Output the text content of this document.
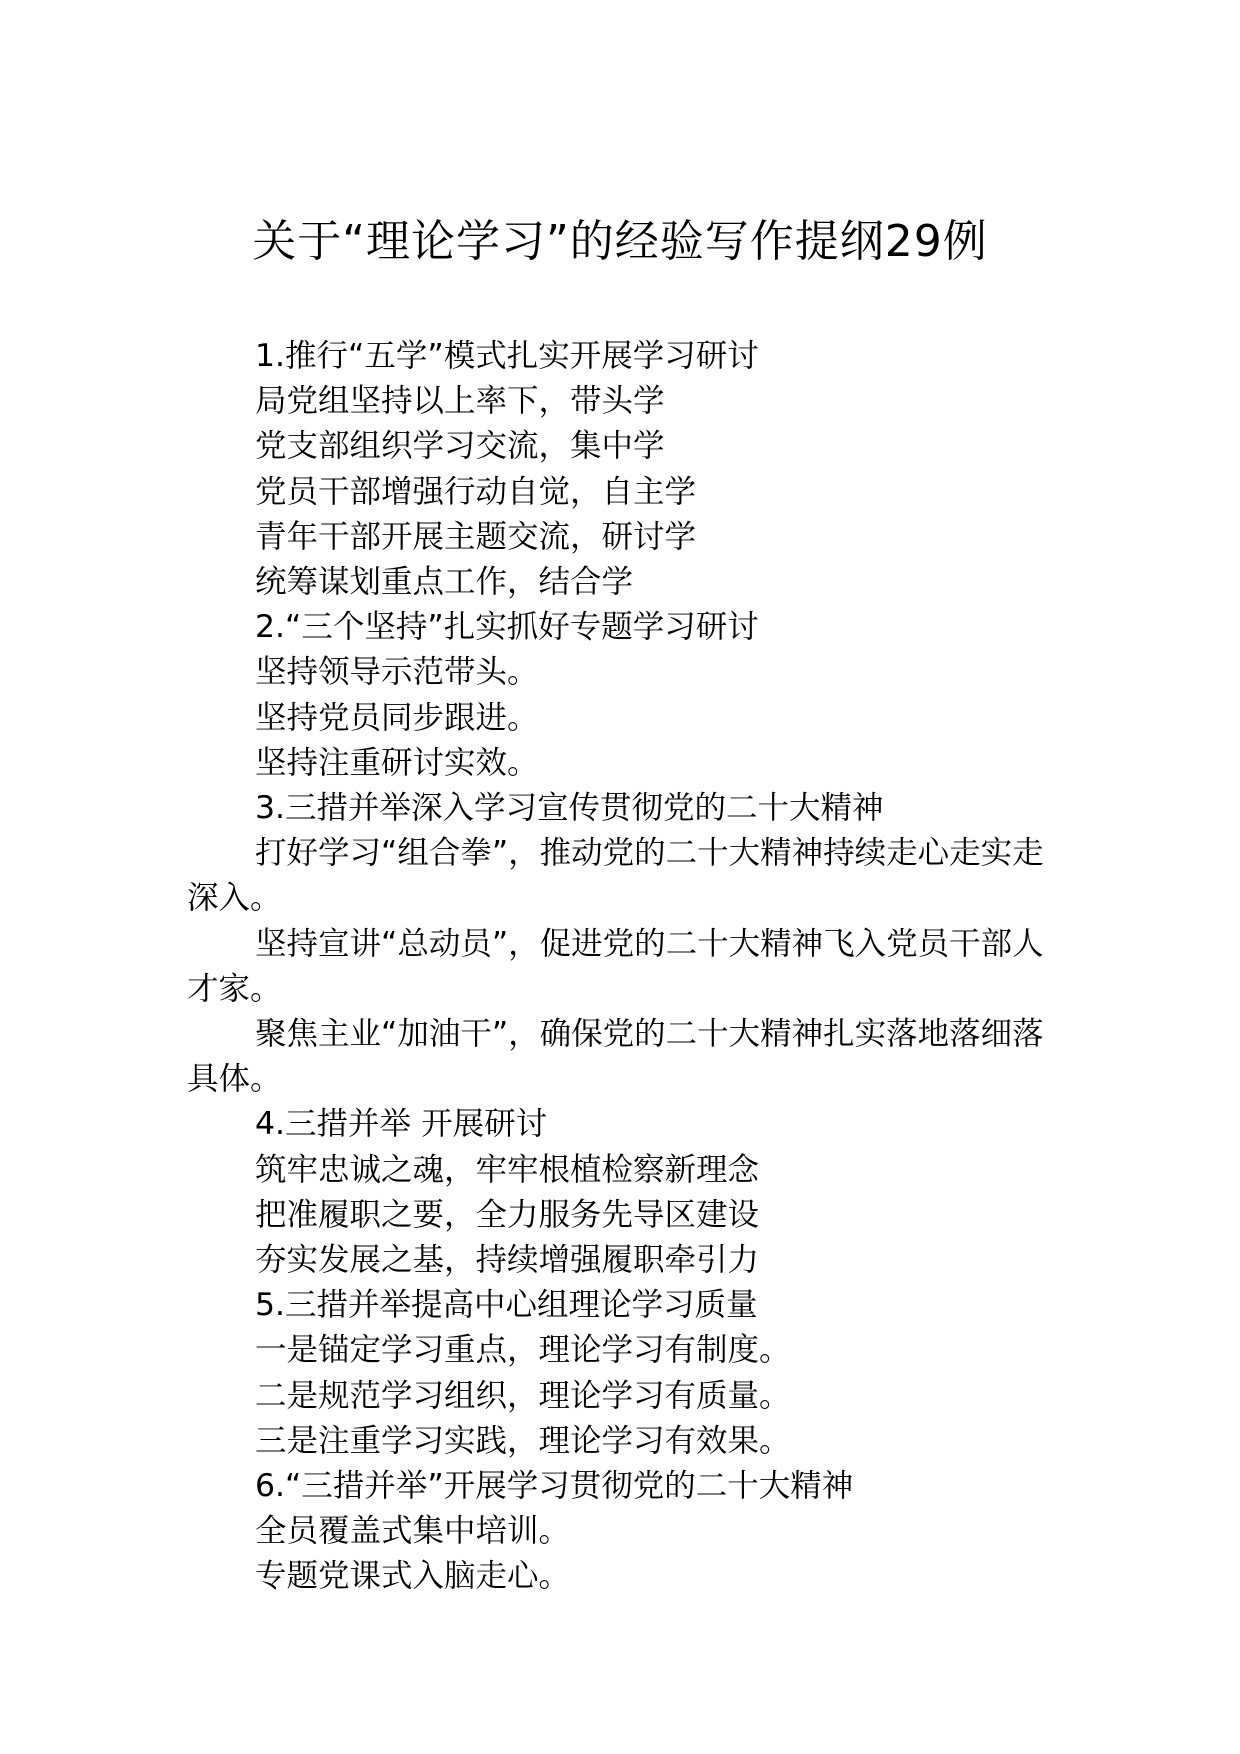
关于“理论学习”的经验写作提纲29例
1.推行“五学”模式扎实开展学习研讨
局党组坚持以上率下，带头学
党支部组织学习交流，集中学
党员干部增强行动自觉，自主学
青年干部开展主题交流，研讨学
统筹谋划重点工作，结合学
2.“三个坚持”扎实抓好专题学习研讨
坚持领导示范带头。
坚持党员同步跟进。
坚持注重研讨实效。
3.三措并举深入学习宣传贯彻党的二十大精神
打好学习“组合拳”，推动党的二十大精神持续走心走实走深入。
坚持宣讲“总动员”，促进党的二十大精神飞入党员干部人才家。
聚焦主业“加油干”，确保党的二十大精神扎实落地落细落具体。
4.三措并举 开展研讨
筑牢忠诚之魂，牢牢根植检察新理念
把准履职之要，全力服务先导区建设
夯实发展之基，持续增强履职牵引力
5.三措并举提高中心组理论学习质量
一是锚定学习重点，理论学习有制度。
二是规范学习组织，理论学习有质量。
三是注重学习实践，理论学习有效果。
6.“三措并举”开展学习贯彻党的二十大精神
全员覆盖式集中培训。
专题党课式入脑走心。
